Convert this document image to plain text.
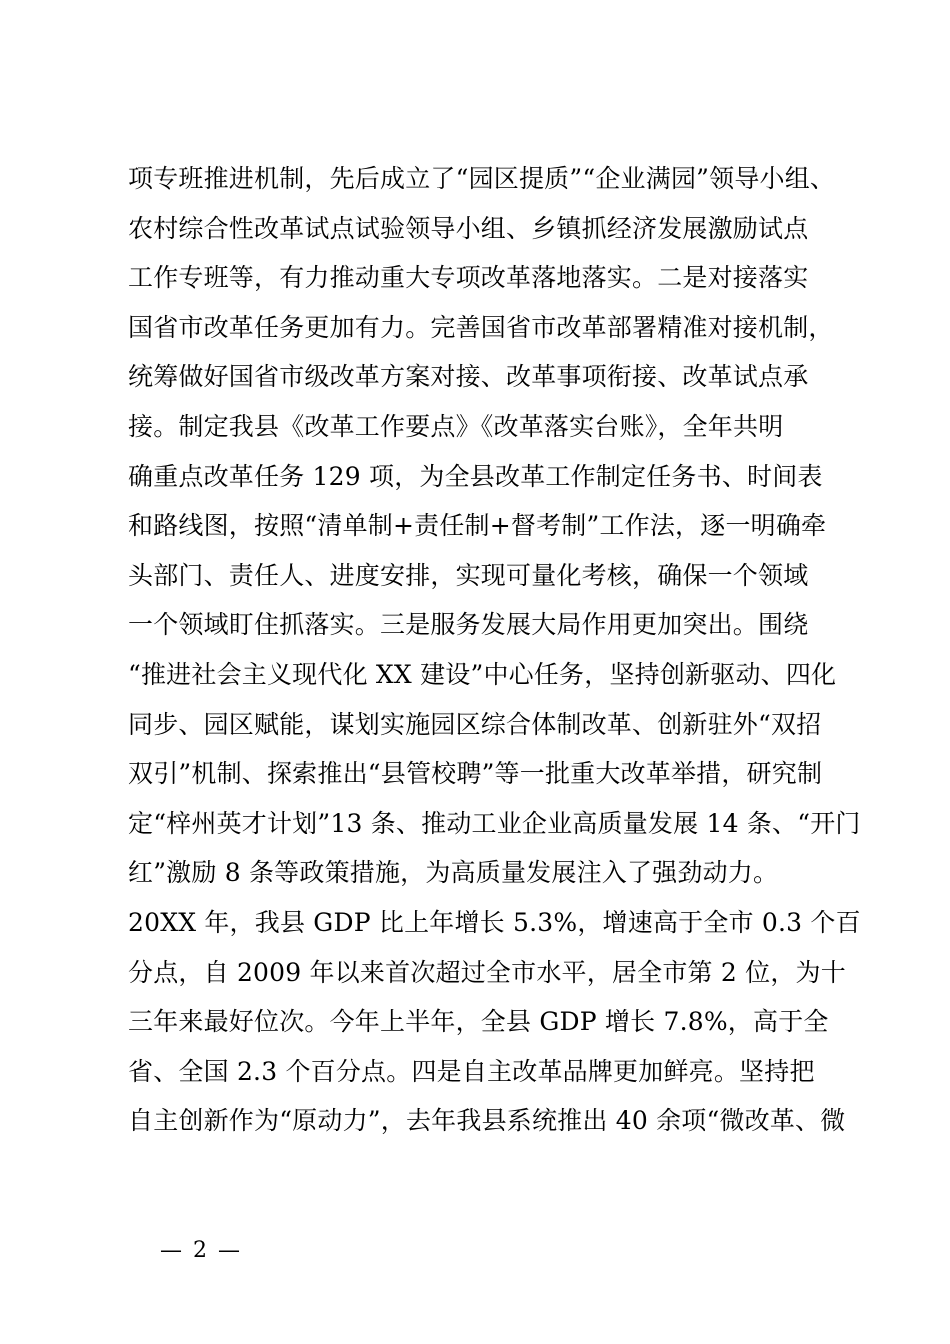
项专班推进机制，先后成立了“园区提质”“企业满园”领导小组、
农村综合性改革试点试验领导小组、乡镇抓经济发展激励试点
工作专班等，有力推动重大专项改革落地落实。二是对接落实
国省市改革任务更加有力。完善国省市改革部署精准对接机制，
统筹做好国省市级改革方案对接、改革事项衔接、改革试点承
接。制定我县《改革工作要点》《改革落实台账》，全年共明
确重点改革任务 129 项，为全县改革工作制定任务书、时间表
和路线图，按照“清单制+责任制+督考制”工作法，逐一明确牵
头部门、责任人、进度安排，实现可量化考核，确保一个领域
一个领域盯住抓落实。三是服务发展大局作用更加突出。围绕
“推进社会主义现代化 XX 建设”中心任务，坚持创新驱动、四化
同步、园区赋能，谋划实施园区综合体制改革、创新驻外“双招
双引”机制、探索推出“县管校聘”等一批重大改革举措，研究制
定“梓州英才计划”13 条、推动工业企业高质量发展 14 条、“开门
红”激励 8 条等政策措施，为高质量发展注入了强劲动力。
20XX 年，我县 GDP 比上年增长 5.3%，增速高于全市 0.3 个百
分点，自 2009 年以来首次超过全市水平，居全市第 2 位，为十
三年来最好位次。今年上半年，全县 GDP 增长 7.8%，高于全
省、全国 2.3 个百分点。四是自主改革品牌更加鲜亮。坚持把
自主创新作为“原动力”，去年我县系统推出 40 余项“微改革、微
— 2 —
